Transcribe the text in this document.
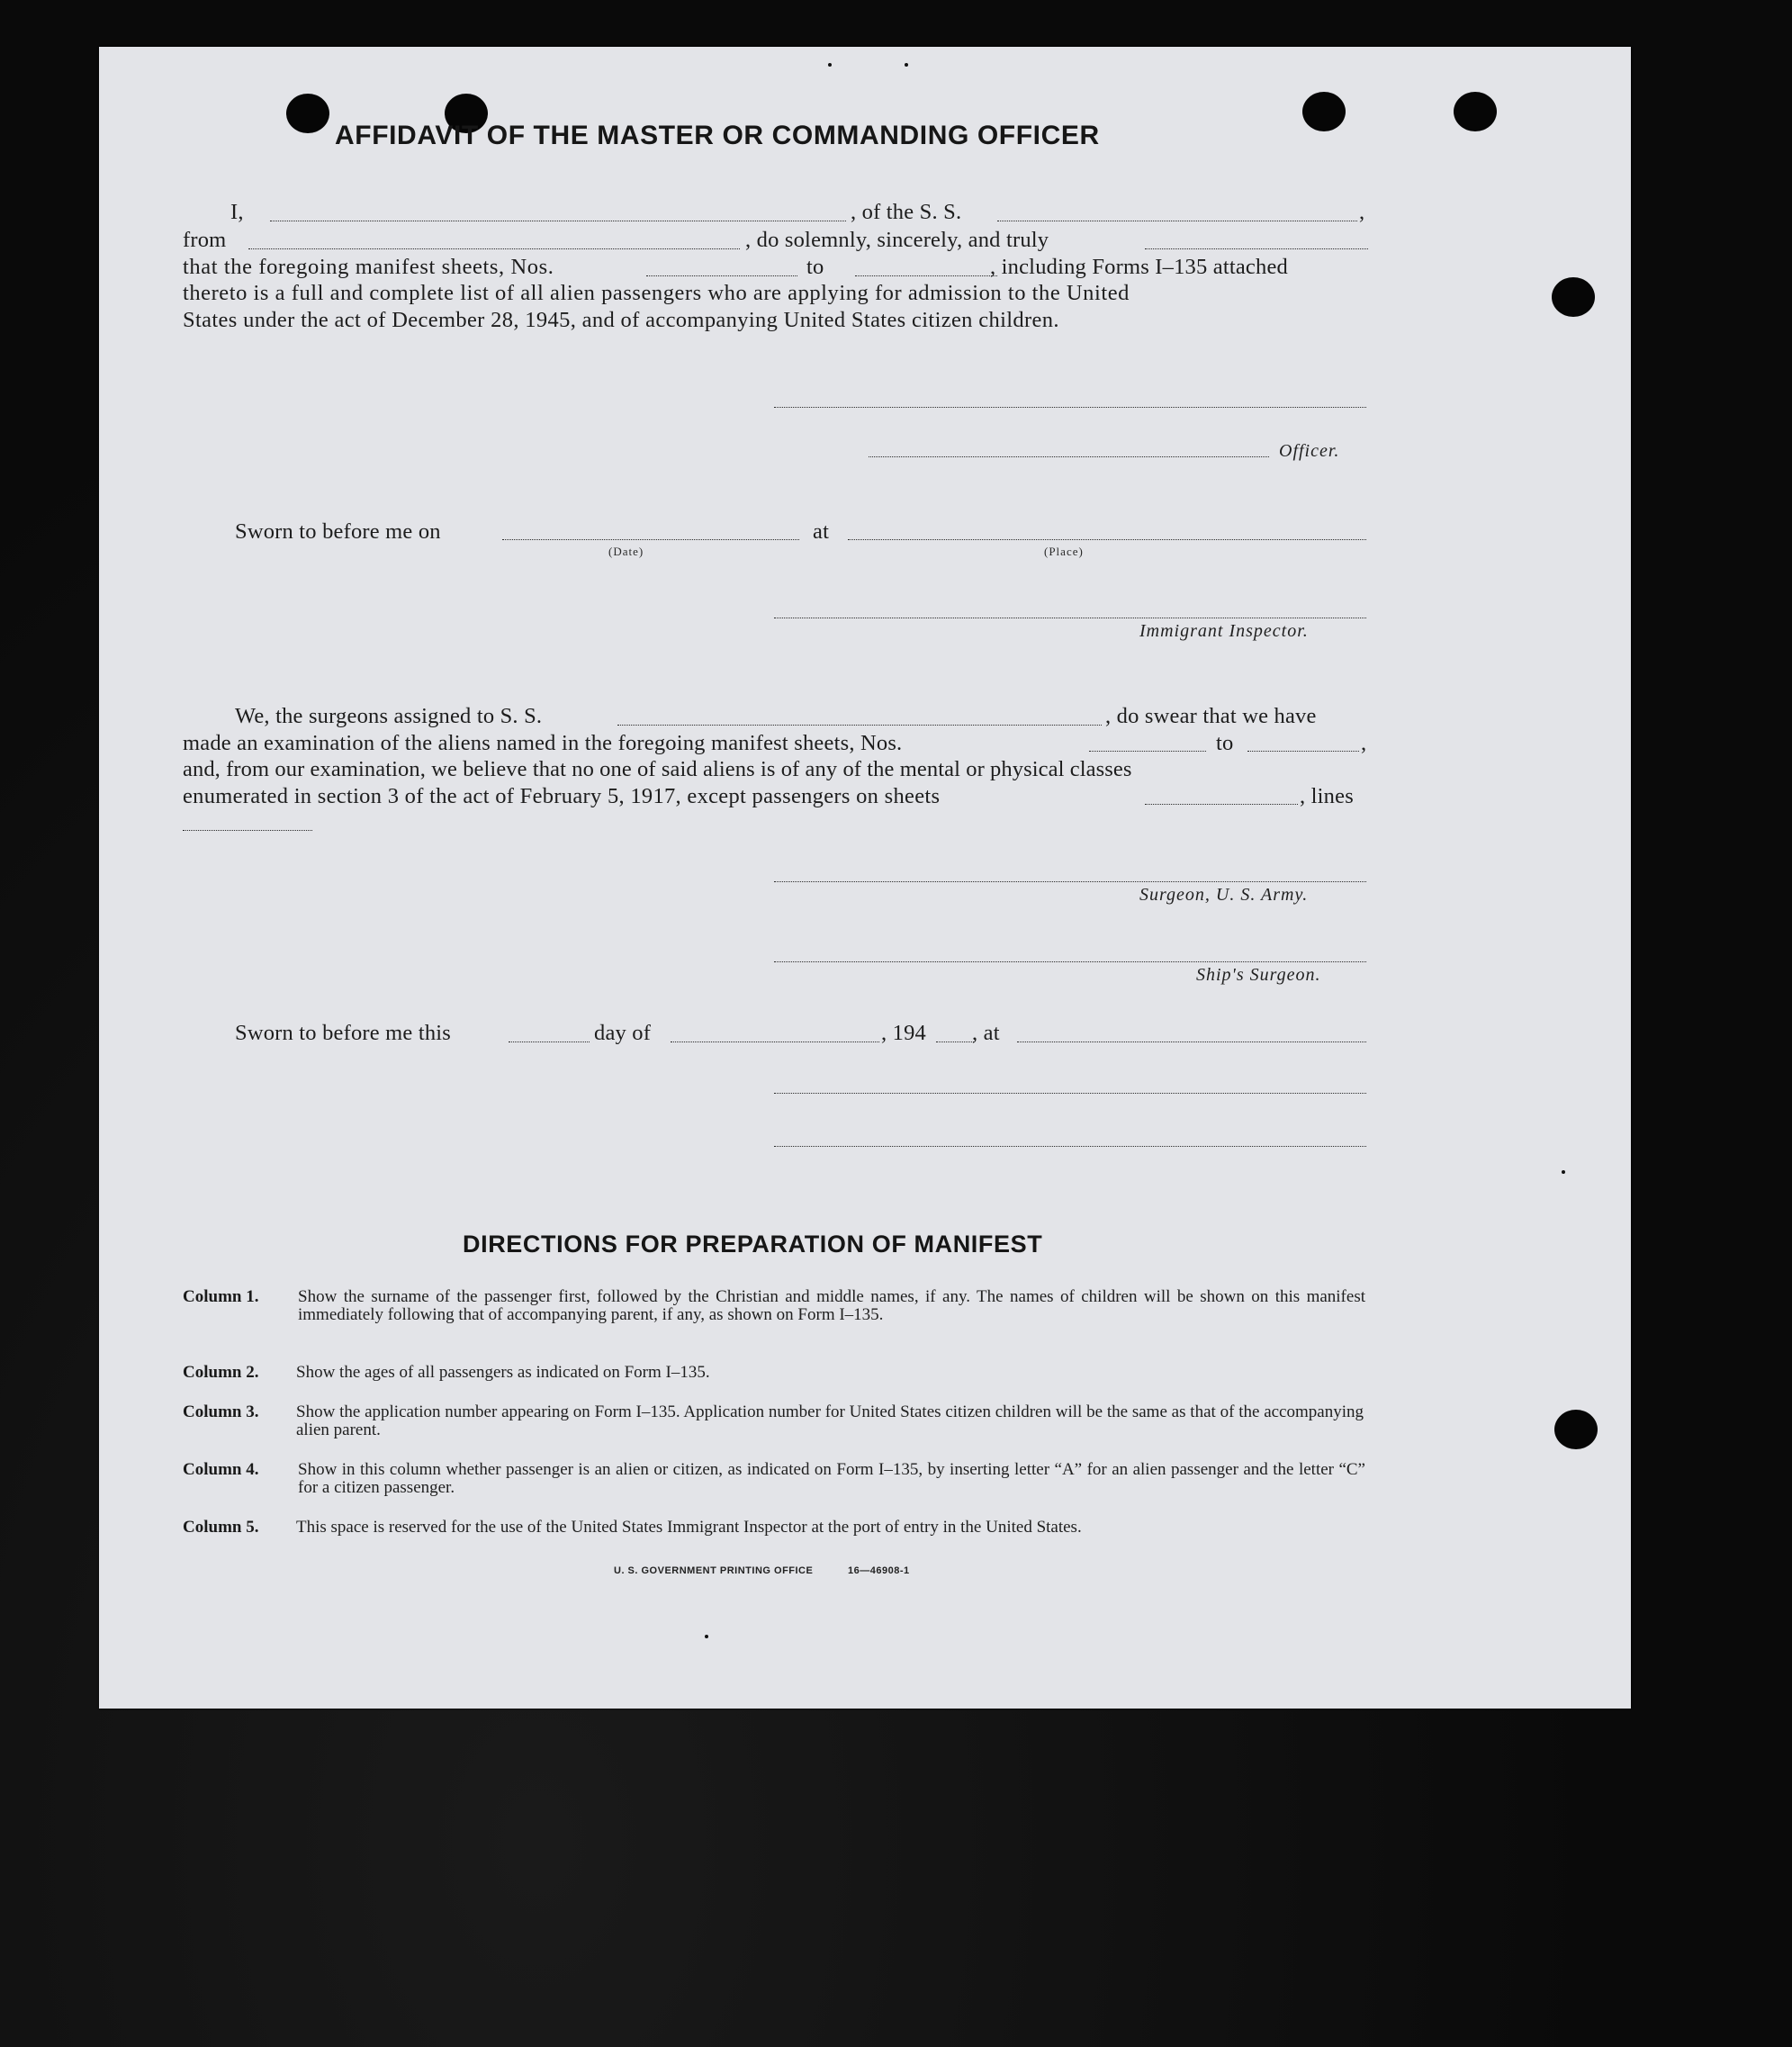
AFFIDAVIT OF THE MASTER OR COMMANDING OFFICER
I,	, of the S. S.	,
from	, do solemnly, sincerely, and truly
that the foregoing manifest sheets, Nos.	to	, including Forms I–135 attached
thereto is a full and complete list of all alien passengers who are applying for admission to the United
States under the act of December 28, 1945, and of accompanying United States citizen children.
Officer.
Sworn to before me on	at
(Date)	(Place)
Immigrant Inspector.
We, the surgeons assigned to S. S.	, do swear that we have
made an examination of the aliens named in the foregoing manifest sheets, Nos.	to	,
and, from our examination, we believe that no one of said aliens is of any of the mental or physical classes
enumerated in section 3 of the act of February 5, 1917, except passengers on sheets	, lines
Surgeon, U. S. Army.
Ship's Surgeon.
Sworn to before me this	day of	, 194 , at
DIRECTIONS FOR PREPARATION OF MANIFEST
Column 1. Show the surname of the passenger first, followed by the Christian and middle names, if any. The names of children will be shown on this manifest immediately following that of accompanying parent, if any, as shown on Form I–135.
Column 2. Show the ages of all passengers as indicated on Form I–135.
Column 3. Show the application number appearing on Form I–135. Application number for United States citizen children will be the same as that of the accompanying alien parent.
Column 4. Show in this column whether passenger is an alien or citizen, as indicated on Form I–135, by inserting letter “A” for an alien passenger and the letter “C” for a citizen passenger.
Column 5. This space is reserved for the use of the United States Immigrant Inspector at the port of entry in the United States.
U. S. GOVERNMENT PRINTING OFFICE	16—46908-1
